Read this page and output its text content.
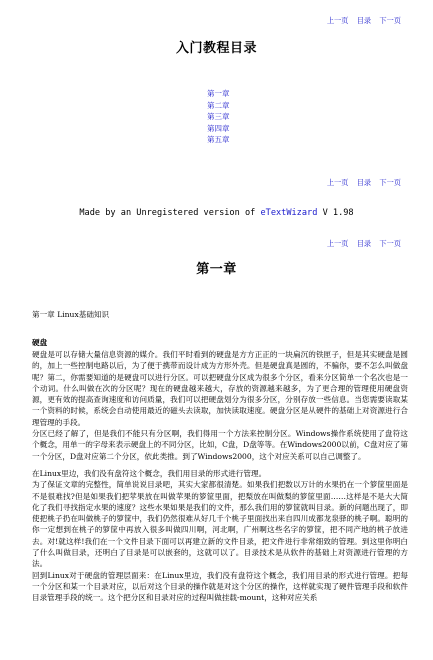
上一页 目录 下一页
入门教程目录
第一章
第二章
第三章
第四章
第五章
上一页 目录 下一页
Made by an Unregistered version of eTextWizard V 1.98
上一页 目录 下一页
第一章
第一章 Linux基础知识
硬盘

硬盘是可以存储大量信息资源的媒介。我们平时看到的硬盘是方方正正的一块扁沉的铁匣子，但是其实硬盘是圆的，加上一些控制电路以后，为了便于携带而设计成为方形外壳。但是硬盘真是圆的，不骗你，要不怎么叫做盘呢？第二，你需要知道的是硬盘可以进行分区。可以把硬盘分区成为很多个分区，看来分区简单一个名次也是一个动词。什么叫做在次的分区呢？现在的硬盘越来越大，存放的资源越来越多，为了更合理的管理使用硬盘资源，更有效的提高查询速度和访问质量，我们可以把硬盘划分为很多分区，分别存放一些信息。当您需要读取某一个资料的时候，系统会自动使用最近的磁头去读取，加快读取速度。硬盘分区是从硬件的基础上对资源进行合理管理的手段。

分区已经了解了，但是我们不能只有分区啊，我们得用一个方法来控制分区。Windows操作系统使用了盘符这个概念，用单一的字母来表示硬盘上的不同分区，比如，C盘，D盘等等。在Windows2000以前，C盘对应了第一个分区，D盘对应第二个分区，依此类推。到了Windows2000，这个对应关系可以自己调整了。

在Linux里边，我们没有盘符这个概念，我们用目录的形式进行管理。

为了保证文章的完整性，简单说说目录吧，其实大家都很清楚。如果我们把数以万计的水果扔在一个箩筐里面是不是很难找?但是如果我们把苹果放在叫做苹果的箩筐里面，把梨放在叫做梨的箩筐里面……这样是不是大大简化了我们寻找指定水果的速度？这些水果如果是我们的文件，那么我们用的箩筐就叫目录。新的问题出现了，即使把桃子扔在叫做桃子的箩筐中，我们仍然很难从好几千个桃子里面找出来自四川成都龙泉驿的桃子啊。聪明的你一定想到在桃子的箩筐中再放入很多叫做四川啊，河北啊，广州啊这些名字的箩筐，把不同产地的桃子放进去。对!就这样!我们在一个文件目录下面可以再建立新的文件目录，把文件进行非常细致的管理。到这里你明白了什么叫做目录，还明白了目录是可以嵌套的，这就可以了。目录技术是从软件的基础上对资源进行管理的方法。

回到Linux对于硬盘的管理层面来：在Linux里边，我们没有盘符这个概念，我们用目录的形式进行管理。把每一个分区和某一个目录对应，以后对这个目录的操作就是对这个分区的操作，这样就实现了硬件管理手段和软件目录管理手段的统一。这个把分区和目录对应的过程叫做挂载-mount，这种对应关系
